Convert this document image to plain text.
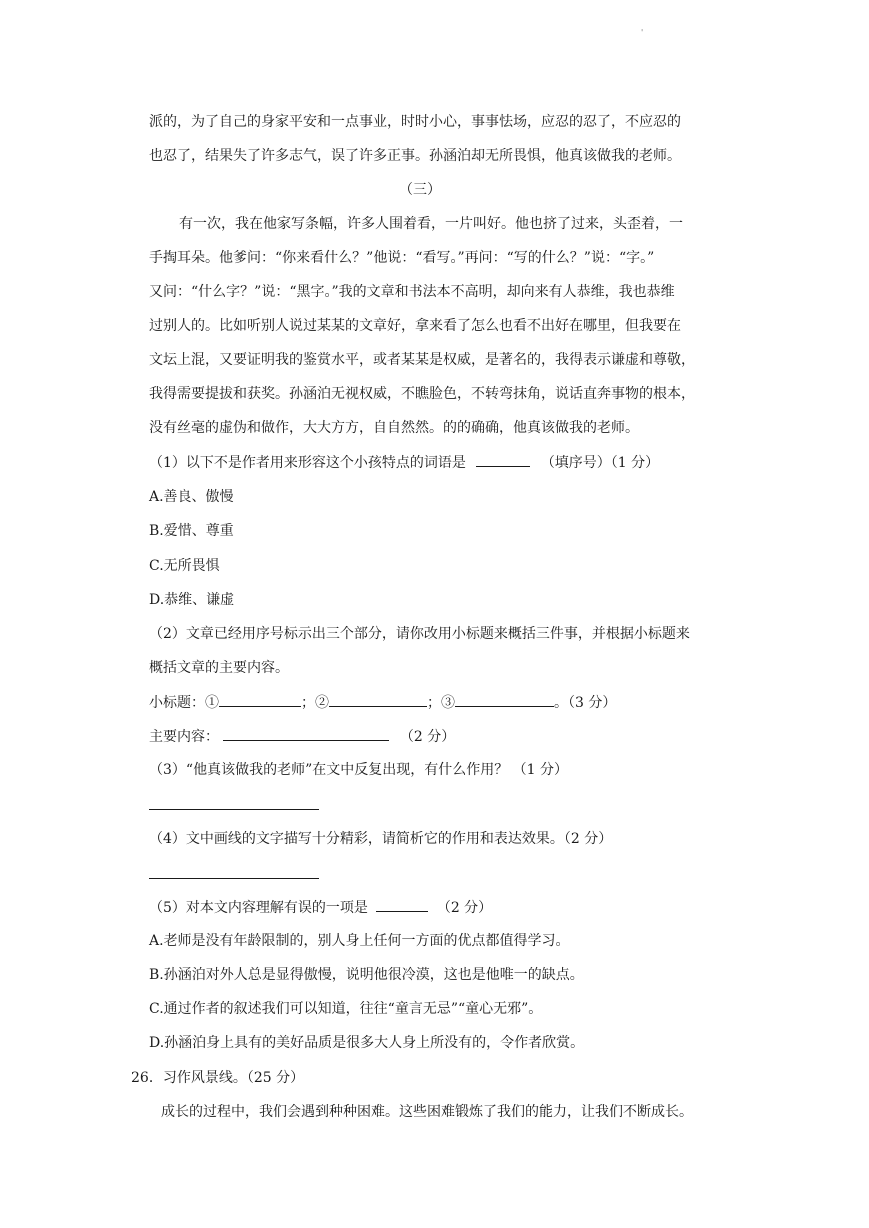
'
派的，为了自己的身家平安和一点事业，时时小心，事事怯场，应忍的忍了，不应忍的
也忍了，结果失了许多志气，误了许多正事。孙涵泊却无所畏惧，他真该做我的老师。
（三）
有一次，我在他家写条幅，许多人围着看，一片叫好。他也挤了过来，头歪着，一
手掏耳朵。他爹问：“你来看什么？”他说：“看写。”再问：“写的什么？”说：“字。”
又问：“什么字？”说：“黑字。”我的文章和书法本不高明，却向来有人恭维，我也恭维
过别人的。比如听别人说过某某的文章好，拿来看了怎么也看不出好在哪里，但我要在
文坛上混，又要证明我的鉴赏水平，或者某某是权威，是著名的，我得表示谦虚和尊敬，
我得需要提拔和获奖。孙涵泊无视权威，不瞧脸色，不转弯抹角，说话直奔事物的根本，
没有丝毫的虚伪和做作，大大方方，自自然然。的的确确，他真该做我的老师。
（1）以下不是作者用来形容这个小孩特点的词语是	（填序号）（1 分）
A.善良、傲慢
B.爱惜、尊重
C.无所畏惧
D.恭维、谦虚
（2）文章已经用序号标示出三个部分，请你改用小标题来概括三件事，并根据小标题来
概括文章的主要内容。
小标题：①	；②	；③	。（3 分）
主要内容：	（2 分）
（3）“他真该做我的老师”在文中反复出现，有什么作用？ （1 分）
（4）文中画线的文字描写十分精彩，请简析它的作用和表达效果。（2 分）
（5）对本文内容理解有误的一项是	（2 分）
A.老师是没有年龄限制的，别人身上任何一方面的优点都值得学习。
B.孙涵泊对外人总是显得傲慢，说明他很冷漠，这也是他唯一的缺点。
C.通过作者的叙述我们可以知道，往往“童言无忌”“童心无邪”。
D.孙涵泊身上具有的美好品质是很多大人身上所没有的，令作者欣赏。
26．习作风景线。（25 分）
成长的过程中，我们会遇到种种困难。这些困难锻炼了我们的能力，让我们不断成长。
